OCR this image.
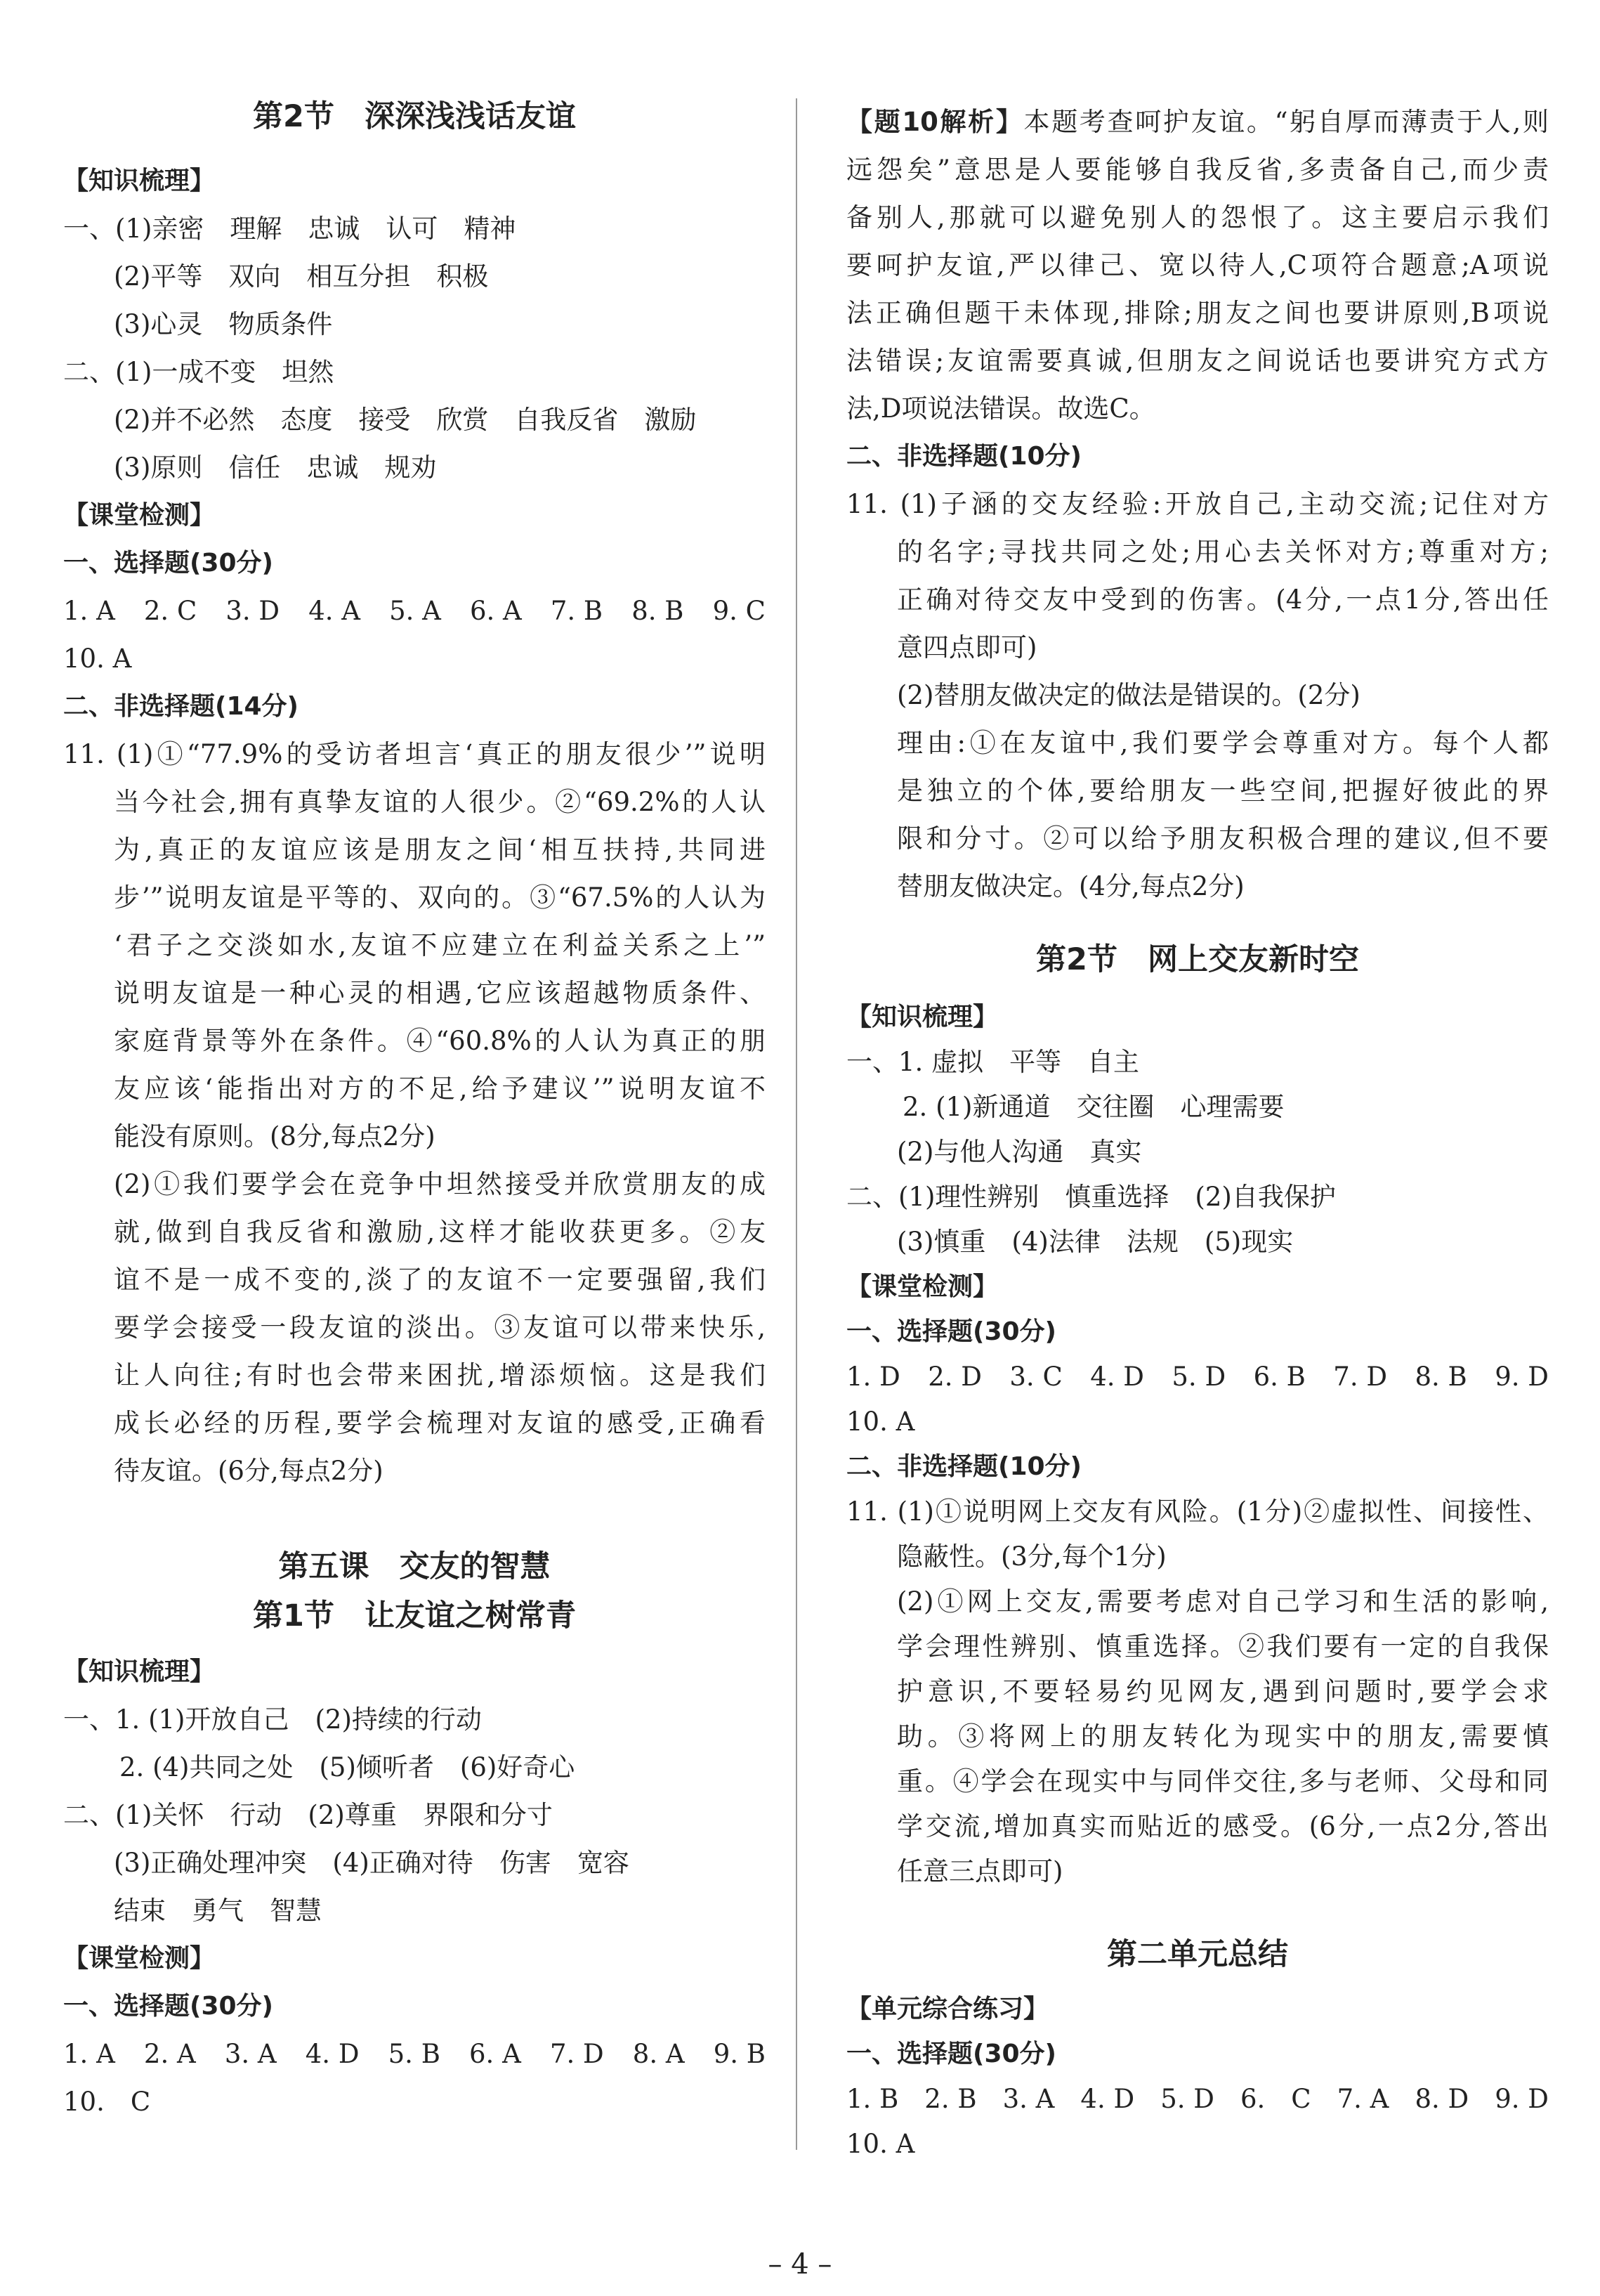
第2节　深深浅浅话友谊
【知识梳理】
一、(1)亲密　理解　忠诚　认可　精神
(2)平等　双向　相互分担　积极
(3)心灵　物质条件
二、(1)一成不变　坦然
(2)并不必然　态度　接受　欣赏　自我反省　激励
(3)原则　信任　忠诚　规劝
【课堂检测】
一、选择题(30分)
1. A 2. C 3. D 4. A 5. A 6. A 7. B 8. B 9. C
10. A
二、非选择题(14分)
11. (1)①“77.9%的受访者坦言‘真正的朋友很少’”说明
当今社会,拥有真挚友谊的人很少。②“69.2%的人认
为,真正的友谊应该是朋友之间‘相互扶持,共同进
步’”说明友谊是平等的、双向的。③“67.5%的人认为
‘君子之交淡如水,友谊不应建立在利益关系之上’”
说明友谊是一种心灵的相遇,它应该超越物质条件、
家庭背景等外在条件。④“60.8%的人认为真正的朋
友应该‘能指出对方的不足,给予建议’”说明友谊不
能没有原则。(8分,每点2分)
(2)①我们要学会在竞争中坦然接受并欣赏朋友的成
就,做到自我反省和激励,这样才能收获更多。②友
谊不是一成不变的,淡了的友谊不一定要强留,我们
要学会接受一段友谊的淡出。③友谊可以带来快乐,
让人向往;有时也会带来困扰,增添烦恼。这是我们
成长必经的历程,要学会梳理对友谊的感受,正确看
待友谊。(6分,每点2分)
第五课　交友的智慧
第1节　让友谊之树常青
【知识梳理】
一、1. (1)开放自己　(2)持续的行动
2. (4)共同之处　(5)倾听者　(6)好奇心
二、(1)关怀　行动　(2)尊重　界限和分寸
(3)正确处理冲突　(4)正确对待　伤害　宽容
结束　勇气　智慧
【课堂检测】
一、选择题(30分)
1. A 2. A 3. A 4. D 5. B 6. A 7. D 8. A 9. B
10.　C
【题10解析】本题考查呵护友谊。“躬自厚而薄责于人,则
远怨矣”意思是人要能够自我反省,多责备自己,而少责
备别人,那就可以避免别人的怨恨了。这主要启示我们
要呵护友谊,严以律己、宽以待人,C项符合题意;A项说
法正确但题干未体现,排除;朋友之间也要讲原则,B项说
法错误;友谊需要真诚,但朋友之间说话也要讲究方式方
法,D项说法错误。故选C。
二、非选择题(10分)
11. (1)子涵的交友经验:开放自己,主动交流;记住对方
的名字;寻找共同之处;用心去关怀对方;尊重对方;
正确对待交友中受到的伤害。(4分,一点1分,答出任
意四点即可)
(2)替朋友做决定的做法是错误的。(2分)
理由:①在友谊中,我们要学会尊重对方。每个人都
是独立的个体,要给朋友一些空间,把握好彼此的界
限和分寸。②可以给予朋友积极合理的建议,但不要
替朋友做决定。(4分,每点2分)
第2节　网上交友新时空
【知识梳理】
一、1. 虚拟　平等　自主
2. (1)新通道　交往圈　心理需要
(2)与他人沟通　真实
二、(1)理性辨别　慎重选择　(2)自我保护
(3)慎重　(4)法律　法规　(5)现实
【课堂检测】
一、选择题(30分)
1. D 2. D 3. C 4. D 5. D 6. B 7. D 8. B 9. D
10. A
二、非选择题(10分)
11. (1)①说明网上交友有风险。(1分)②虚拟性、间接性、
隐蔽性。(3分,每个1分)
(2)①网上交友,需要考虑对自己学习和生活的影响,
学会理性辨别、慎重选择。②我们要有一定的自我保
护意识,不要轻易约见网友,遇到问题时,要学会求
助。③将网上的朋友转化为现实中的朋友,需要慎
重。④学会在现实中与同伴交往,多与老师、父母和同
学交流,增加真实而贴近的感受。(6分,一点2分,答出
任意三点即可)
第二单元总结
【单元综合练习】
一、选择题(30分)
1. B 2. B 3. A 4. D 5. D 6.　C 7. A 8. D 9. D
10. A
– 4 –
